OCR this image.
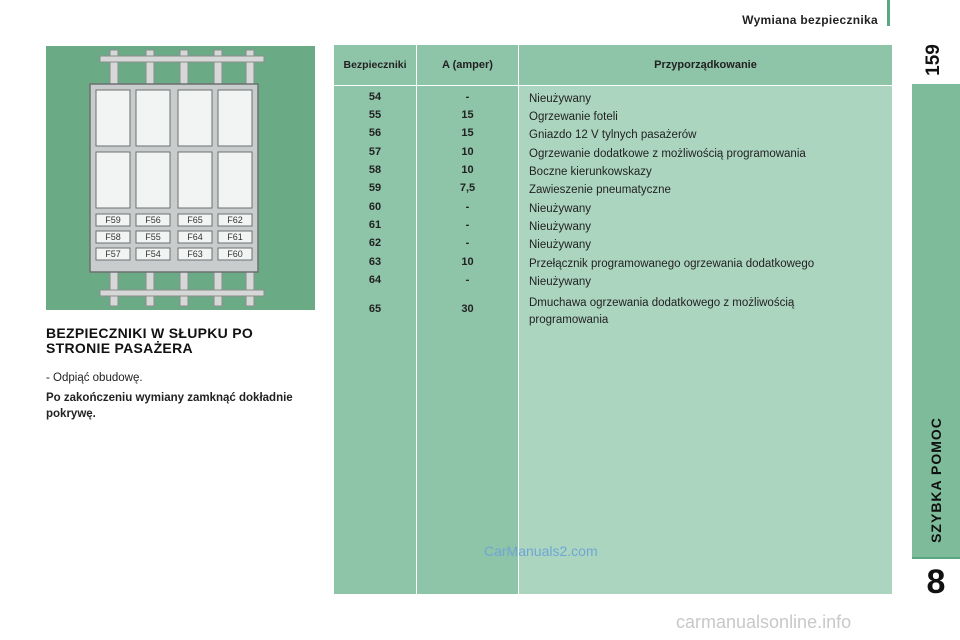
Wymiana bezpiecznika
159
SZYBKA POMOC
8
F59	F56	F65	F62
F58	F55	F64	F61
F57	F54	F63	F60
BEZPIECZNIKI W SŁUPKU PO STRONIE PASAŻERA
- Odpiąć obudowę.
Po zakończeniu wymiany zamknąć dokładnie pokrywę.
Bezpieczniki	A (amper)	Przyporządkowanie
54	-	Nieużywany
55	15	Ogrzewanie foteli
56	15	Gniazdo 12 V tylnych pasażerów
57	10	Ogrzewanie dodatkowe z możliwością programowania
58	10	Boczne kierunkowskazy
59	7,5	Zawieszenie pneumatyczne
60	-	Nieużywany
61	-	Nieużywany
62	-	Nieużywany
63	10	Przełącznik programowanego ogrzewania dodatkowego
64	-	Nieużywany
65	30	Dmuchawa ogrzewania dodatkowego z możliwością programowania
CarManuals2.com
carmanualsonline.info
